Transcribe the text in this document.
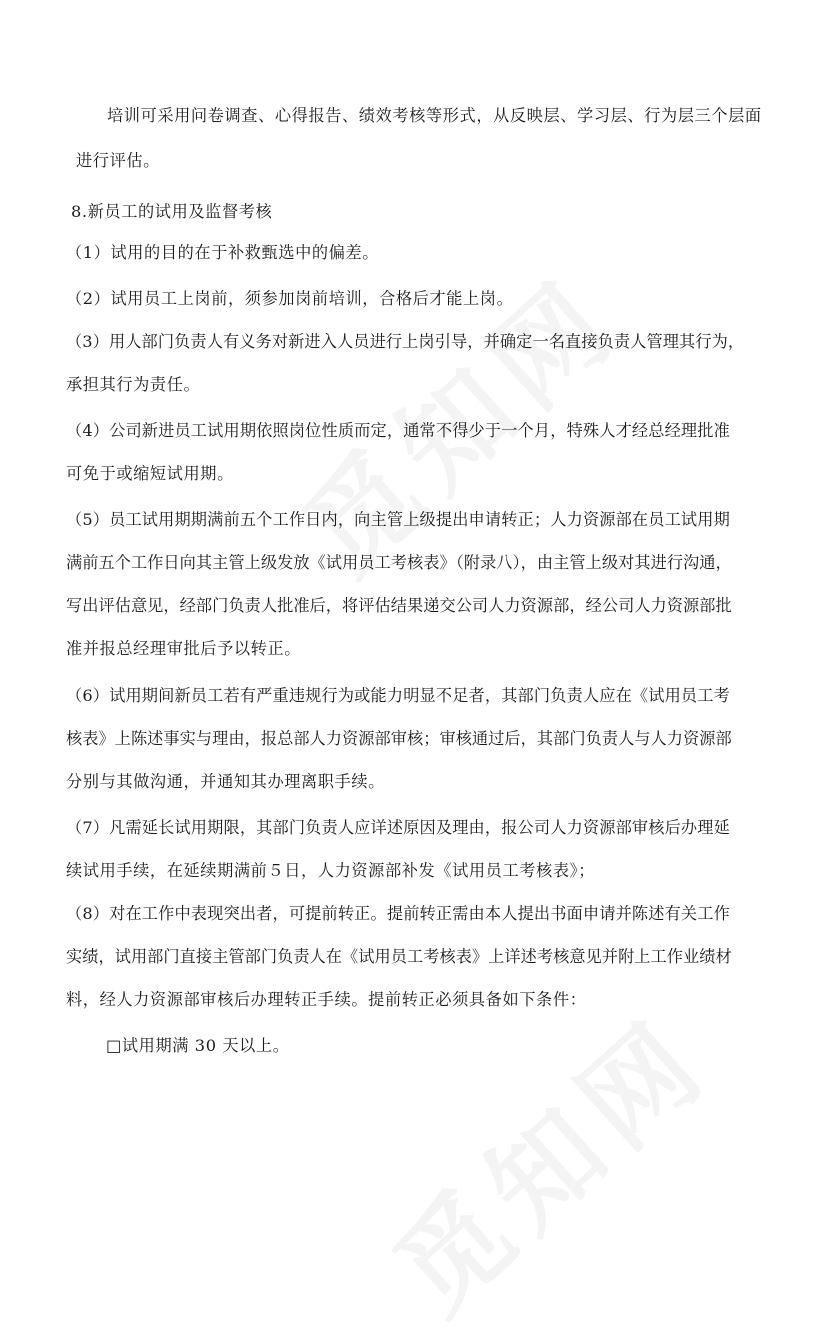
培训可采用问卷调查、心得报告、绩效考核等形式，从反映层、学习层、行为层三个层面
进行评估。
8.新员工的试用及监督考核
（1）试用的目的在于补救甄选中的偏差。
（2）试用员工上岗前，须参加岗前培训，合格后才能上岗。
（3）用人部门负责人有义务对新进入人员进行上岗引导，并确定一名直接负责人管理其行为，
承担其行为责任。
（4）公司新进员工试用期依照岗位性质而定，通常不得少于一个月，特殊人才经总经理批准
可免于或缩短试用期。
（5）员工试用期期满前五个工作日内，向主管上级提出申请转正；人力资源部在员工试用期
满前五个工作日向其主管上级发放《试用员工考核表》（附录八），由主管上级对其进行沟通，
写出评估意见，经部门负责人批准后，将评估结果递交公司人力资源部，经公司人力资源部批
准并报总经理审批后予以转正。
（6）试用期间新员工若有严重违规行为或能力明显不足者，其部门负责人应在《试用员工考
核表》上陈述事实与理由，报总部人力资源部审核；审核通过后，其部门负责人与人力资源部
分别与其做沟通，并通知其办理离职手续。
（7）凡需延长试用期限，其部门负责人应详述原因及理由，报公司人力资源部审核后办理延
续试用手续，在延续期满前５日，人力资源部补发《试用员工考核表》；
（8）对在工作中表现突出者，可提前转正。提前转正需由本人提出书面申请并陈述有关工作
实绩，试用部门直接主管部门负责人在《试用员工考核表》上详述考核意见并附上工作业绩材
料，经人力资源部审核后办理转正手续。提前转正必须具备如下条件：
□试用期满 30 天以上。
